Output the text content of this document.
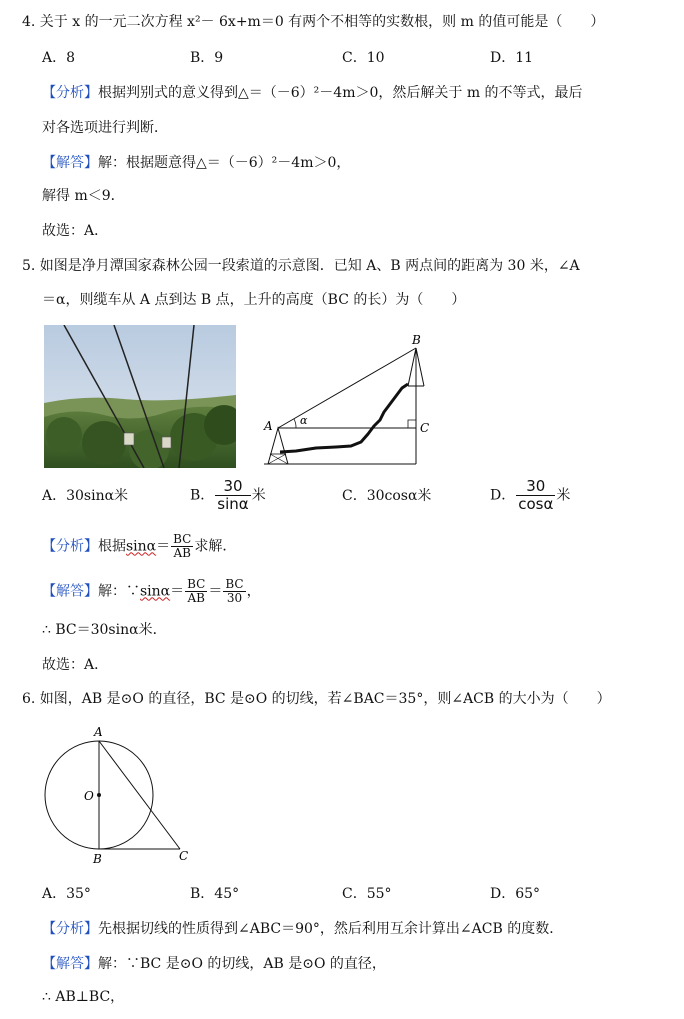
4. 关于 x 的一元二次方程 x²－ 6x+m＝0 有两个不相等的实数根，则 m 的值可能是（　　）
A．8	B．9	C．10	D．11
【分析】根据判别式的意义得到△＝（－6）²－4m＞0，然后解关于 m 的不等式，最后
对各选项进行判断．
【解答】解：根据题意得△＝（－6）²－4m＞0，
解得 m＜9．
故选：A．
5. 如图是净月潭国家森林公园一段索道的示意图．已知 A、B 两点间的距离为 30 米，∠A
＝α，则缆车从 A 点到达 B 点，上升的高度（BC 的长）为（　　）
A
B
C
α
A．30sinα米	B． $\frac{30}{\sin\alpha}$ 米	C．30cosα米	D． $\frac{30}{\cos\alpha}$ 米
【分析】根据$\sin\alpha= \frac{BC}{AB}$ 求解．
【解答】解：∵sinα＝ $\frac{BC}{AB} = \frac{BC}{30}$ ，
∴ BC＝30sinα米．
故选：A．
6. 如图，AB 是⊙O 的直径，BC 是⊙O 的切线，若∠BAC＝35°，则∠ACB 的大小为（　　）
A
O
B	C
A．35°	B．45°	C．55°	D．65°
【分析】先根据切线的性质得到∠ABC＝90°，然后利用互余计算出∠ACB 的度数．
【解答】解：∵BC 是⊙O 的切线，AB 是⊙O 的直径，
∴ AB⊥BC，
